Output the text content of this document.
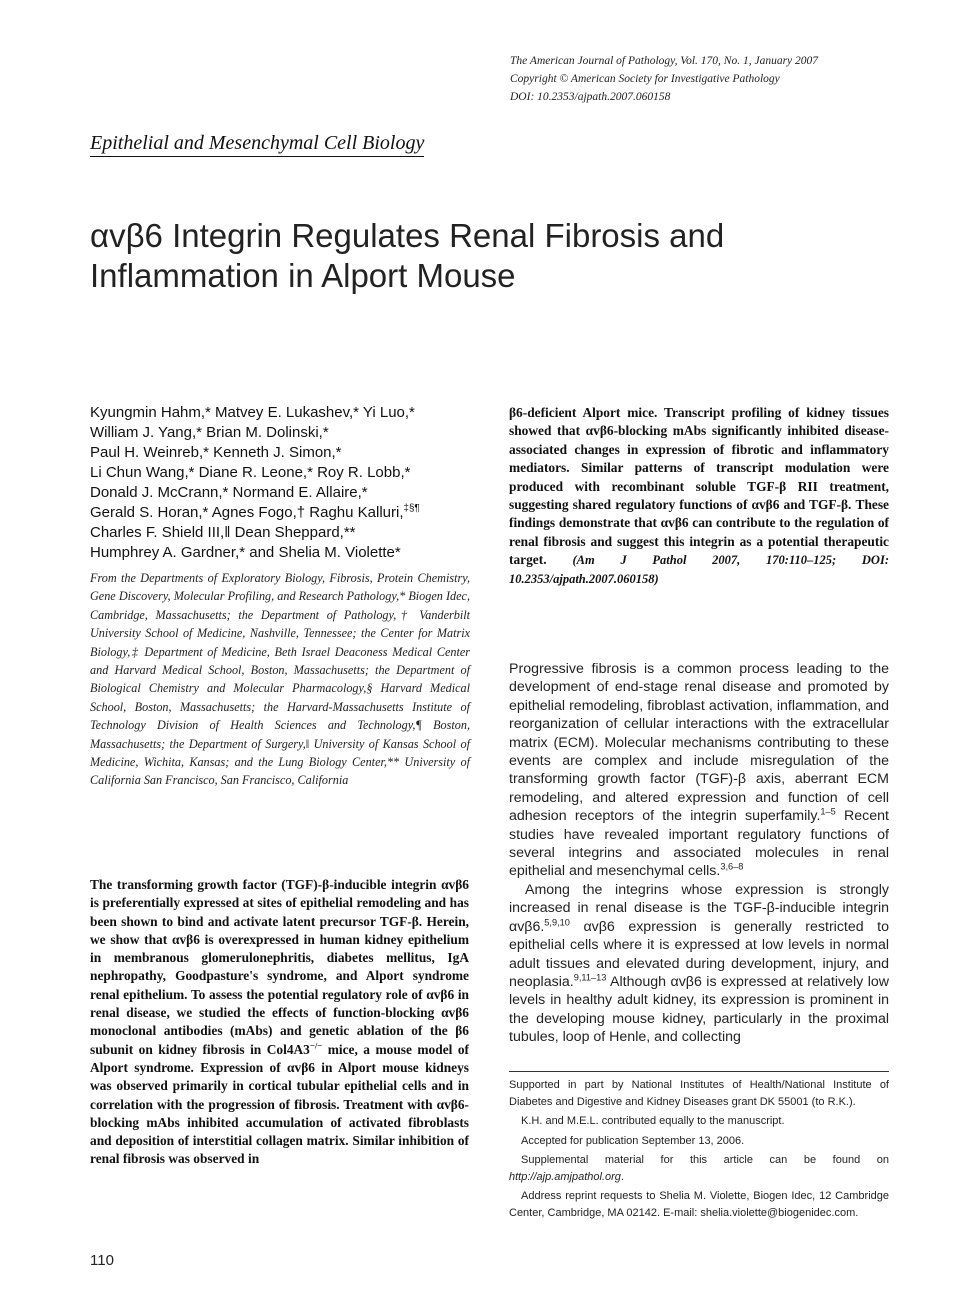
The American Journal of Pathology, Vol. 170, No. 1, January 2007
Copyright © American Society for Investigative Pathology
DOI: 10.2353/ajpath.2007.060158
Epithelial and Mesenchymal Cell Biology
αvβ6 Integrin Regulates Renal Fibrosis and
Inflammation in Alport Mouse
Kyungmin Hahm,* Matvey E. Lukashev,* Yi Luo,*
William J. Yang,* Brian M. Dolinski,*
Paul H. Weinreb,* Kenneth J. Simon,*
Li Chun Wang,* Diane R. Leone,* Roy R. Lobb,*
Donald J. McCrann,* Normand E. Allaire,*
Gerald S. Horan,* Agnes Fogo,† Raghu Kalluri,‡§¶
Charles F. Shield III,‖ Dean Sheppard,**
Humphrey A. Gardner,* and Shelia M. Violette*
From the Departments of Exploratory Biology, Fibrosis, Protein Chemistry, Gene Discovery, Molecular Profiling, and Research Pathology,* Biogen Idec, Cambridge, Massachusetts; the Department of Pathology,† Vanderbilt University School of Medicine, Nashville, Tennessee; the Center for Matrix Biology,‡ Department of Medicine, Beth Israel Deaconess Medical Center and Harvard Medical School, Boston, Massachusetts; the Department of Biological Chemistry and Molecular Pharmacology,§ Harvard Medical School, Boston, Massachusetts; the Harvard-Massachusetts Institute of Technology Division of Health Sciences and Technology,¶ Boston, Massachusetts; the Department of Surgery,‖ University of Kansas School of Medicine, Wichita, Kansas; and the Lung Biology Center,** University of California San Francisco, San Francisco, California
The transforming growth factor (TGF)-β-inducible integrin αvβ6 is preferentially expressed at sites of epithelial remodeling and has been shown to bind and activate latent precursor TGF-β. Herein, we show that αvβ6 is overexpressed in human kidney epithelium in membranous glomerulonephritis, diabetes mellitus, IgA nephropathy, Goodpasture's syndrome, and Alport syndrome renal epithelium. To assess the potential regulatory role of αvβ6 in renal disease, we studied the effects of function-blocking αvβ6 monoclonal antibodies (mAbs) and genetic ablation of the β6 subunit on kidney fibrosis in Col4A3−/− mice, a mouse model of Alport syndrome. Expression of αvβ6 in Alport mouse kidneys was observed primarily in cortical tubular epithelial cells and in correlation with the progression of fibrosis. Treatment with αvβ6-blocking mAbs inhibited accumulation of activated fibroblasts and deposition of interstitial collagen matrix. Similar inhibition of renal fibrosis was observed in
β6-deficient Alport mice. Transcript profiling of kidney tissues showed that αvβ6-blocking mAbs significantly inhibited disease-associated changes in expression of fibrotic and inflammatory mediators. Similar patterns of transcript modulation were produced with recombinant soluble TGF-β RII treatment, suggesting shared regulatory functions of αvβ6 and TGF-β. These findings demonstrate that αvβ6 can contribute to the regulation of renal fibrosis and suggest this integrin as a potential therapeutic target. (Am J Pathol 2007, 170:110–125; DOI: 10.2353/ajpath.2007.060158)

Progressive fibrosis is a common process leading to the development of end-stage renal disease and promoted by epithelial remodeling, fibroblast activation, inflammation, and reorganization of cellular interactions with the extracellular matrix (ECM). Molecular mechanisms contributing to these events are complex and include misregulation of the transforming growth factor (TGF)-β axis, aberrant ECM remodeling, and altered expression and function of cell adhesion receptors of the integrin superfamily.$^{1-5}$ Recent studies have revealed important regulatory functions of several integrins and associated molecules in renal epithelial and mesenchymal cells.$^{3,6-8}$

Among the integrins whose expression is strongly increased in renal disease is the TGF-β-inducible integrin αvβ6.$^{5,9,10}$ αvβ6 expression is generally restricted to epithelial cells where it is expressed at low levels in normal adult tissues and elevated during development, injury, and neoplasia.$^{9,11-13}$ Although αvβ6 is expressed at relatively low levels in healthy adult kidney, its expression is prominent in the developing mouse kidney, particularly in the proximal tubules, loop of Henle, and collecting

Supported in part by National Institutes of Health/National Institute of Diabetes and Digestive and Kidney Diseases grant DK 55001 (to R.K.).

K.H. and M.E.L. contributed equally to the manuscript.

Accepted for publication September 13, 2006.

Supplemental material for this article can be found on http://ajp.amjpathol.org.

Address reprint requests to Shelia M. Violette, Biogen Idec, 12 Cambridge Center, Cambridge, MA 02142. E-mail: shelia.violette@biogenidec.com.

110
